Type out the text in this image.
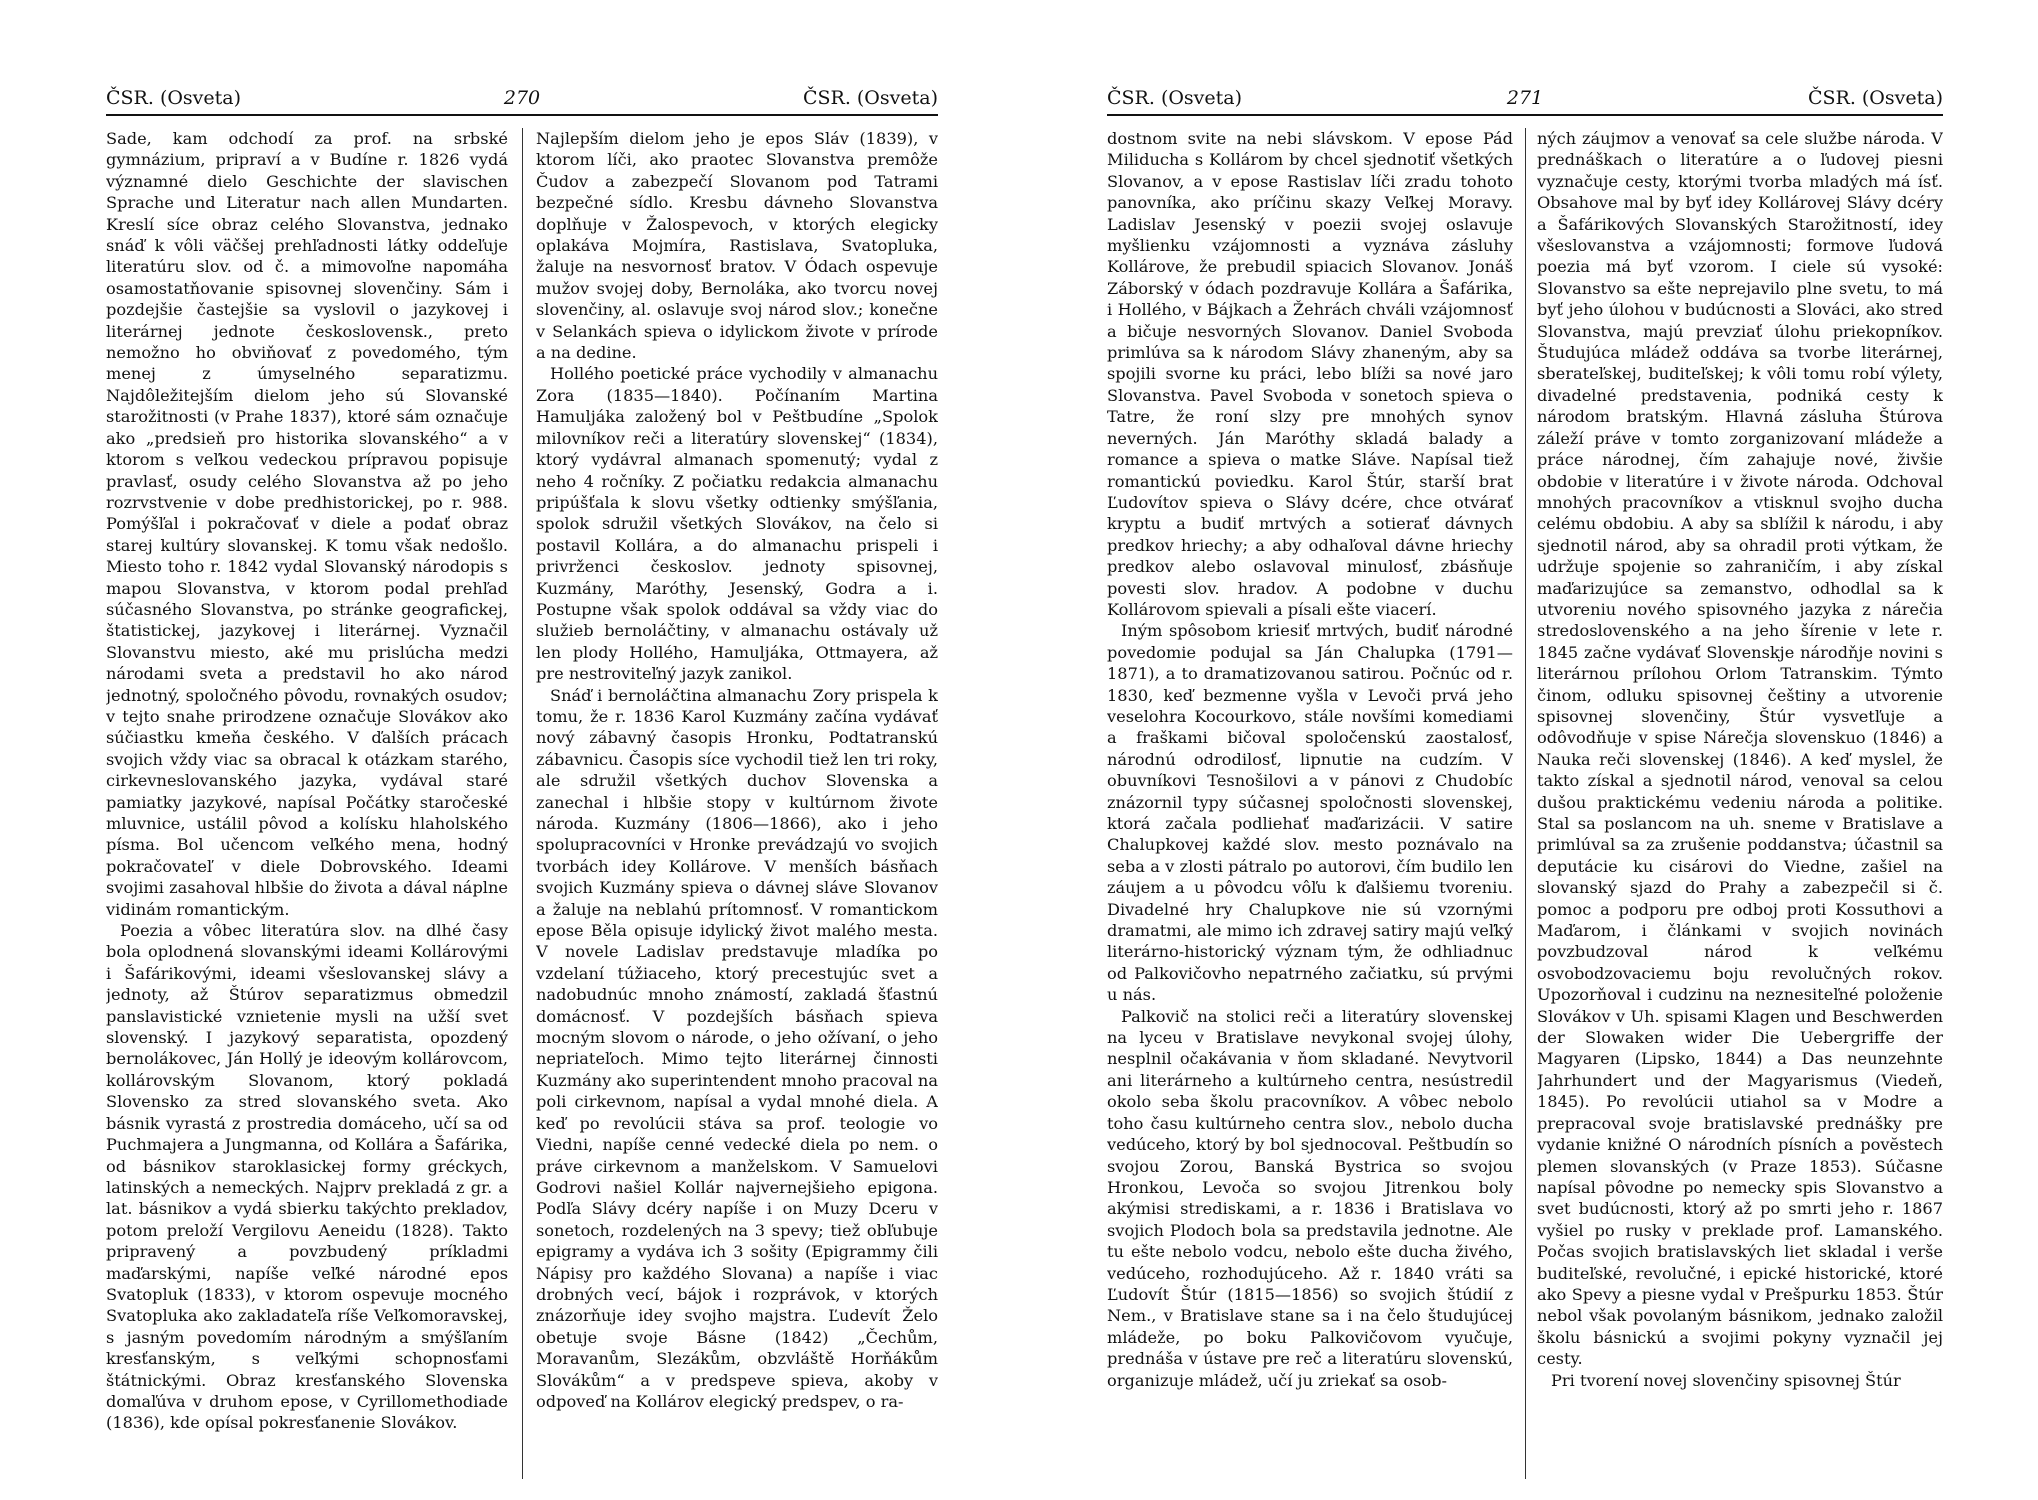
ČSR. (Osveta)	270	ČSR. (Osveta)

Sade, kam odchodí za prof. na srbské gymnázium, pripraví a v Budíne r. 1826 vydá významné dielo Geschichte der slavischen Sprache und Literatur nach allen Mundarten. Kreslí síce obraz celého Slovanstva, jednako snáď k vôli väčšej prehľadnosti látky oddeľuje literatúru slov. od č. a mimovoľne napomáha osamostatňovanie spisovnej slovenčiny. Sám i pozdejšie častejšie sa vyslovil o jazykovej i literárnej jednote československ., preto nemožno ho obviňovať z povedomého, tým menej z úmyselného separatizmu. Najdôležitejším dielom jeho sú Slovanské starožitnosti (v Prahe 1837), ktoré sám označuje ako „predsieň pro historika slovanského“ a v ktorom s veľkou vedeckou prípravou popisuje pravlasť, osudy celého Slovanstva až po jeho rozrvstvenie v dobe predhistorickej, po r. 988. Pomýšľal i pokračovať v diele a podať obraz starej kultúry slovanskej. K tomu však nedošlo. Miesto toho r. 1842 vydal Slovanský národopis s mapou Slovanstva, v ktorom podal prehľad súčasného Slovanstva, po stránke geografickej, štatistickej, jazykovej i literárnej. Vyznačil Slovanstvu miesto, aké mu prislúcha medzi národami sveta a predstavil ho ako národ jednotný, spoločného pôvodu, rovnakých osudov; v tejto snahe prirodzene označuje Slovákov ako súčiastku kmeňa českého. V ďalších prácach svojich vždy viac sa obracal k otázkam starého, cirkevneslovanského jazyka, vydával staré pamiatky jazykové, napísal Počátky staročeské mluvnice, ustálil pôvod a kolísku hlaholského písma. Bol učencom veľkého mena, hodný pokračovateľ v diele Dobrovského. Ideami svojimi zasahoval hlbšie do života a dával náplne vidinám romantickým.

Poezia a vôbec literatúra slov. na dlhé časy bola oplodnená slovanskými ideami Kollárovými i Šafárikovými, ideami všeslovanskej slávy a jednoty, až Štúrov separatizmus obmedzil panslavistické vznietenie mysli na užší svet slovenský. I jazykový separatista, opozdený bernolákovec, Ján Hollý je ideovým kollárovcom, kollárovským Slovanom, ktorý pokladá Slovensko za stred slovanského sveta. Ako básnik vyrastá z prostredia domáceho, učí sa od Puchmajera a Jungmanna, od Kollára a Šafárika, od básnikov staroklasickej formy gréckych, latinských a nemeckých. Najprv prekladá z gr. a lat. básnikov a vydá sbierku takýchto prekladov, potom preloží Vergilovu Aeneidu (1828). Takto pripravený a povzbudený príkladmi maďarskými, napíše veľké národné epos Svatopluk (1833), v ktorom ospevuje mocného Svatopluka ako zakladateľa ríše Veľkomoravskej, s jasným povedomím národným a smýšľaním kresťanským, s veľkými schopnosťami štátnickými. Obraz kresťanského Slovenska domaľúva v druhom epose, v Cyrillomethodiade (1836), kde opísal pokresťanenie Slovákov.

Najlepším dielom jeho je epos Sláv (1839), v ktorom líči, ako praotec Slovanstva premôže Čudov a zabezpečí Slovanom pod Tatrami bezpečné sídlo. Kresbu dávneho Slovanstva doplňuje v Žalospevoch, v ktorých elegicky oplakáva Mojmíra, Rastislava, Svatopluka, žaluje na nesvornosť bratov. V Ódach ospevuje mužov svojej doby, Bernoláka, ako tvorcu novej slovenčiny, al. oslavuje svoj národ slov.; konečne v Selankách spieva o idylickom živote v prírode a na dedine.

Hollého poetické práce vychodily v almanachu Zora (1835—1840). Počínaním Martina Hamuljáka založený bol v Peštbudíne „Spolok milovníkov reči a literatúry slovenskej“ (1834), ktorý vydávral almanach spomenutý; vydal z neho 4 ročníky. Z počiatku redakcia almanachu pripúšťala k slovu všetky odtienky smýšľania, spolok sdružil všetkých Slovákov, na čelo si postavil Kollára, a do almanachu prispeli i privrženci českoslov. jednoty spisovnej, Kuzmány, Maróthy, Jesenský, Godra a i. Postupne však spolok oddával sa vždy viac do služieb bernoláčtiny, v almanachu ostávaly už len plody Hollého, Hamuljáka, Ottmayera, až pre nestroviteľný jazyk zanikol.

Snáď i bernoláčtina almanachu Zory prispela k tomu, že r. 1836 Karol Kuzmány začína vydávať nový zábavný časopis Hronku, Podtatranskú zábavnicu. Časopis síce vychodil tiež len tri roky, ale sdružil všetkých duchov Slovenska a zanechal i hlbšie stopy v kultúrnom živote národa. Kuzmány (1806—1866), ako i jeho spolupracovníci v Hronke prevádzajú vo svojich tvorbách idey Kollárove. V menších básňach svojich Kuzmány spieva o dávnej sláve Slovanov a žaluje na neblahú prítomnosť. V romantickom epose Běla opisuje idylický život malého mesta. V novele Ladislav predstavuje mladíka po vzdelaní túžiaceho, ktorý precestujúc svet a nadobudnúc mnoho známostí, zakladá šťastnú domácnosť. V pozdejších básňach spieva mocným slovom o národe, o jeho ožívaní, o jeho nepriateľoch. Mimo tejto literárnej činnosti Kuzmány ako superintendent mnoho pracoval na poli cirkevnom, napísal a vydal mnohé diela. A keď po revolúcii stáva sa prof. teologie vo Viedni, napíše cenné vedecké diela po nem. o práve cirkevnom a manželskom. V Samuelovi Godrovi našiel Kollár najvernejšieho epigona. Podľa Slávy dcéry napíše i on Muzy Dceru v sonetoch, rozdelených na 3 spevy; tiež obľubuje epigramy a vydáva ich 3 sošity (Epigrammy čili Nápisy pro každého Slovana) a napíše i viac drobných vecí, bájok i rozprávok, v ktorých znázorňuje idey svojho majstra. Ľudevít Želo obetuje svoje Básne (1842) „Čechům, Moravanům, Slezákům, obzvláště Horňákům Slovákům“ a v predspeve spieva, akoby v odpoveď na Kollárov elegický predspev, o ra-

ČSR. (Osveta)	271	ČSR. (Osveta)

dostnom svite na nebi slávskom. V epose Pád Miliducha s Kollárom by chcel sjednotiť všetkých Slovanov, a v epose Rastislav líči zradu tohoto panovníka, ako príčinu skazy Veľkej Moravy. Ladislav Jesenský v poezii svojej oslavuje myšlienku vzájomnosti a vyznáva zásluhy Kollárove, že prebudil spiacich Slovanov. Jonáš Záborský v ódach pozdravuje Kollára a Šafárika, i Hollého, v Bájkach a Žehrách chváli vzájomnosť a bičuje nesvorných Slovanov. Daniel Svoboda primlúva sa k národom Slávy zhaneným, aby sa spojili svorne ku práci, lebo blíži sa nové jaro Slovanstva. Pavel Svoboda v sonetoch spieva o Tatre, že roní slzy pre mnohých synov neverných. Ján Maróthy skladá balady a romance a spieva o matke Sláve. Napísal tiež romantickú poviedku. Karol Štúr, starší brat Ľudovítov spieva o Slávy dcére, chce otvárať kryptu a budiť mrtvých a sotierať dávnych predkov hriechy; a aby odhaľoval dávne hriechy predkov alebo oslavoval minulosť, zbásňuje povesti slov. hradov. A podobne v duchu Kollárovom spievali a písali ešte viacerí.

Iným spôsobom kriesiť mrtvých, budiť národné povedomie podujal sa Ján Chalupka (1791—1871), a to dramatizovanou satirou. Počnúc od r. 1830, keď bezmenne vyšla v Levoči prvá jeho veselohra Kocourkovo, stále novšími komediami a fraškami bičoval spoločenskú zaostalosť, národnú odrodilosť, lipnutie na cudzím. V obuvníkovi Tesnošilovi a v pánovi z Chudobíc znázornil typy súčasnej spoločnosti slovenskej, ktorá začala podliehať maďarizácii. V satire Chalupkovej každé slov. mesto poznávalo na seba a v zlosti pátralo po autorovi, čím budilo len záujem a u pôvodcu vôľu k ďalšiemu tvoreniu. Divadelné hry Chalupkove nie sú vzornými dramatmi, ale mimo ich zdravej satiry majú veľký literárno-historický význam tým, že odhliadnuc od Palkovičovho nepatrného začiatku, sú prvými u nás.

Palkovič na stolici reči a literatúry slovenskej na lyceu v Bratislave nevykonal svojej úlohy, nesplnil očakávania v ňom skladané. Nevytvoril ani literárneho a kultúrneho centra, nesústredil okolo seba školu pracovníkov. A vôbec nebolo toho času kultúrneho centra slov., nebolo ducha vedúceho, ktorý by bol sjednocoval. Peštbudín so svojou Zorou, Banská Bystrica so svojou Hronkou, Levoča so svojou Jitrenkou boly akýmisi strediskami, a r. 1836 i Bratislava vo svojich Plodoch bola sa predstavila jednotne. Ale tu ešte nebolo vodcu, nebolo ešte ducha živého, vedúceho, rozhodujúceho. Až r. 1840 vráti sa Ľudovít Štúr (1815—1856) so svojich štúdií z Nem., v Bratislave stane sa i na čelo študujúcej mládeže, po boku Palkovičovom vyučuje, prednáša v ústave pre reč a literatúru slovenskú, organizuje mládež, učí ju zriekať sa osob-

ných záujmov a venovať sa cele službe národa. V prednáškach o literatúre a o ľudovej piesni vyznačuje cesty, ktorými tvorba mladých má ísť. Obsahove mal by byť idey Kollárovej Slávy dcéry a Šafárikových Slovanských Starožitností, idey všeslovanstva a vzájomnosti; formove ľudová poezia má byť vzorom. I ciele sú vysoké: Slovanstvo sa ešte neprejavilo plne svetu, to má byť jeho úlohou v budúcnosti a Slováci, ako stred Slovanstva, majú prevziať úlohu priekopníkov. Študujúca mládež oddáva sa tvorbe literárnej, sberateľskej, buditeľskej; k vôli tomu robí výlety, divadelné predstavenia, podniká cesty k národom bratským. Hlavná zásluha Štúrova záleží práve v tomto zorganizovaní mládeže a práce národnej, čím zahajuje nové, živšie obdobie v literatúre i v živote národa. Odchoval mnohých pracovníkov a vtisknul svojho ducha celému obdobiu. A aby sa sblížil k národu, i aby sjednotil národ, aby sa ohradil proti výtkam, že udržuje spojenie so zahraničím, i aby získal maďarizujúce sa zemanstvo, odhodlal sa k utvoreniu nového spisovného jazyka z nárečia stredoslovenského a na jeho šírenie v lete r. 1845 začne vydávať Slovenskje národňje novini s literárnou prílohou Orlom Tatranskim. Týmto činom, odluku spisovnej češtiny a utvorenie spisovnej slovenčiny, Štúr vysvetľuje a odôvodňuje v spise Nárečja slovenskuo (1846) a Nauka reči slovenskej (1846). A keď myslel, že takto získal a sjednotil národ, venoval sa celou dušou praktickému vedeniu národa a politike. Stal sa poslancom na uh. sneme v Bratislave a primlúval sa za zrušenie poddanstva; účastnil sa deputácie ku cisárovi do Viedne, zašiel na slovanský sjazd do Prahy a zabezpečil si č. pomoc a podporu pre odboj proti Kossuthovi a Maďarom, i článkami v svojich novinách povzbudzoval národ k veľkému osvobodzovaciemu boju revolučných rokov. Upozorňoval i cudzinu na neznesiteľné položenie Slovákov v Uh. spisami Klagen und Beschwerden der Slowaken wider Die Uebergriffe der Magyaren (Lipsko, 1844) a Das neunzehnte Jahrhundert und der Magyarismus (Viedeň, 1845). Po revolúcii utiahol sa v Modre a prepracoval svoje bratislavské prednášky pre vydanie knižné O národních písních a povĕstech plemen slovanských (v Praze 1853). Súčasne napísal pôvodne po nemecky spis Slovanstvo a svet budúcnosti, ktorý až po smrti jeho r. 1867 vyšiel po rusky v preklade prof. Lamanského. Počas svojich bratislavských liet skladal i verše buditeľské, revolučné, i epické historické, ktoré ako Spevy a piesne vydal v Prešpurku 1853. Štúr nebol však povolaným básnikom, jednako založil školu básnickú a svojimi pokyny vyznačil jej cesty.

Pri tvorení novej slovenčiny spisovnej Štúr
